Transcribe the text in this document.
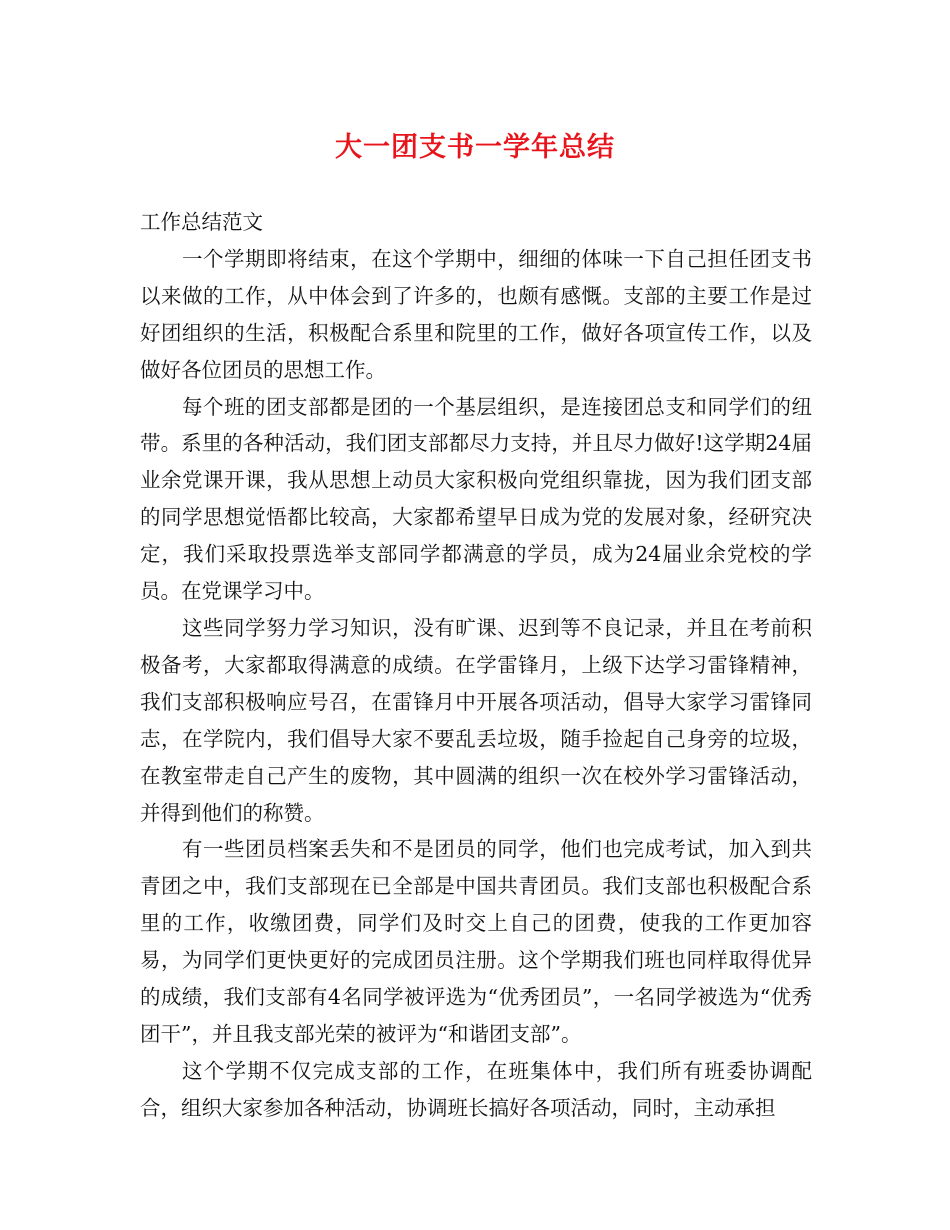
大一团支书一学年总结

工作总结范文

一个学期即将结束，在这个学期中，细细的体味一下自己担任团支书以来做的工作，从中体会到了许多的，也颇有感慨。支部的主要工作是过好团组织的生活，积极配合系里和院里的工作，做好各项宣传工作，以及做好各位团员的思想工作。

每个班的团支部都是团的一个基层组织，是连接团总支和同学们的纽带。系里的各种活动，我们团支部都尽力支持，并且尽力做好!这学期24届业余党课开课，我从思想上动员大家积极向党组织靠拢，因为我们团支部的同学思想觉悟都比较高，大家都希望早日成为党的发展对象，经研究决定，我们采取投票选举支部同学都满意的学员，成为24届业余党校的学员。在党课学习中。

这些同学努力学习知识，没有旷课、迟到等不良记录，并且在考前积极备考，大家都取得满意的成绩。在学雷锋月，上级下达学习雷锋精神，我们支部积极响应号召，在雷锋月中开展各项活动，倡导大家学习雷锋同志，在学院内，我们倡导大家不要乱丢垃圾，随手捡起自己身旁的垃圾，在教室带走自己产生的废物，其中圆满的组织一次在校外学习雷锋活动，并得到他们的称赞。

有一些团员档案丢失和不是团员的同学，他们也完成考试，加入到共青团之中，我们支部现在已全部是中国共青团员。我们支部也积极配合系里的工作，收缴团费，同学们及时交上自己的团费，使我的工作更加容易，为同学们更快更好的完成团员注册。这个学期我们班也同样取得优异的成绩，我们支部有4名同学被评选为“优秀团员”，一名同学被选为“优秀团干”，并且我支部光荣的被评为“和谐团支部”。

这个学期不仅完成支部的工作，在班集体中，我们所有班委协调配合，组织大家参加各种活动，协调班长搞好各项活动，同时，主动承担
